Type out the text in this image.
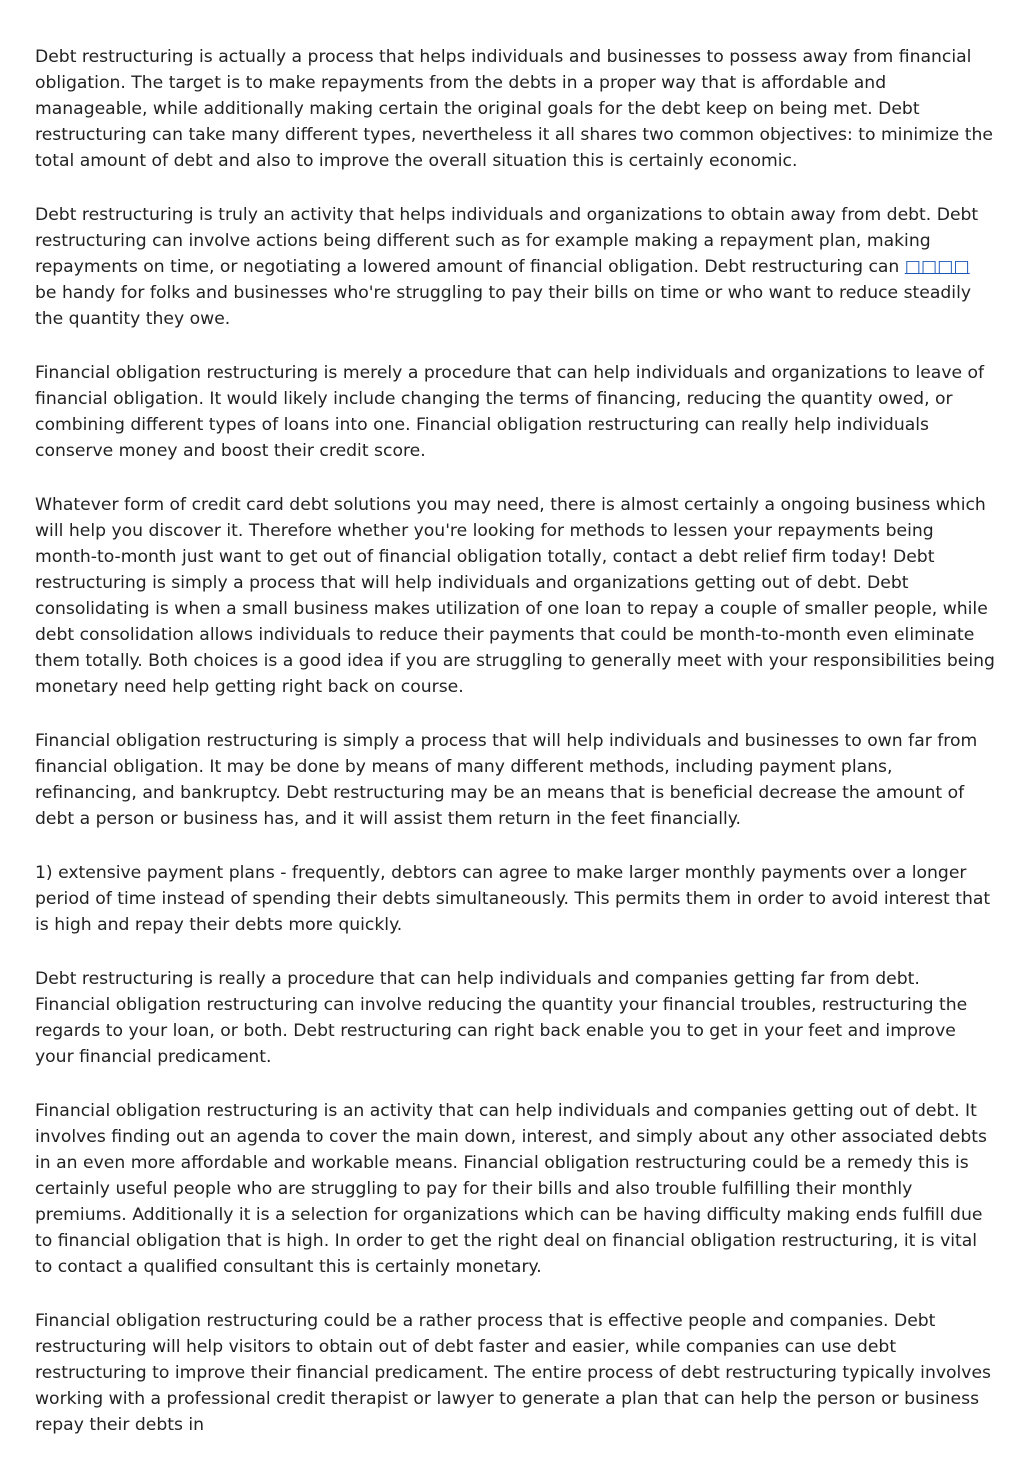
Debt restructuring is actually a process that helps individuals and businesses to possess away from financial obligation. The target is to make repayments from the debts in a proper way that is affordable and manageable, while additionally making certain the original goals for the debt keep on being met. Debt restructuring can take many different types, nevertheless it all shares two common objectives: to minimize the total amount of debt and also to improve the overall situation this is certainly economic.

Debt restructuring is truly an activity that helps individuals and organizations to obtain away from debt. Debt restructuring can involve actions being different such as for example making a repayment plan, making repayments on time, or negotiating a lowered amount of financial obligation. Debt restructuring can □□□□ be handy for folks and businesses who're struggling to pay their bills on time or who want to reduce steadily the quantity they owe.

Financial obligation restructuring is merely a procedure that can help individuals and organizations to leave of financial obligation. It would likely include changing the terms of financing, reducing the quantity owed, or combining different types of loans into one. Financial obligation restructuring can really help individuals conserve money and boost their credit score.

Whatever form of credit card debt solutions you may need, there is almost certainly a ongoing business which will help you discover it. Therefore whether you're looking for methods to lessen your repayments being month-to-month just want to get out of financial obligation totally, contact a debt relief firm today! Debt restructuring is simply a process that will help individuals and organizations getting out of debt. Debt consolidating is when a small business makes utilization of one loan to repay a couple of smaller people, while debt consolidation allows individuals to reduce their payments that could be month-to-month even eliminate them totally. Both choices is a good idea if you are struggling to generally meet with your responsibilities being monetary need help getting right back on course.

Financial obligation restructuring is simply a process that will help individuals and businesses to own far from financial obligation. It may be done by means of many different methods, including payment plans, refinancing, and bankruptcy. Debt restructuring may be an means that is beneficial decrease the amount of debt a person or business has, and it will assist them return in the feet financially.

1) extensive payment plans - frequently, debtors can agree to make larger monthly payments over a longer period of time instead of spending their debts simultaneously. This permits them in order to avoid interest that is high and repay their debts more quickly.

Debt restructuring is really a procedure that can help individuals and companies getting far from debt. Financial obligation restructuring can involve reducing the quantity your financial troubles, restructuring the regards to your loan, or both. Debt restructuring can right back enable you to get in your feet and improve your financial predicament.

Financial obligation restructuring is an activity that can help individuals and companies getting out of debt. It involves finding out an agenda to cover the main down, interest, and simply about any other associated debts in an even more affordable and workable means. Financial obligation restructuring could be a remedy this is certainly useful people who are struggling to pay for their bills and also trouble fulfilling their monthly premiums. Additionally it is a selection for organizations which can be having difficulty making ends fulfill due to financial obligation that is high. In order to get the right deal on financial obligation restructuring, it is vital to contact a qualified consultant this is certainly monetary.

Financial obligation restructuring could be a rather process that is effective people and companies. Debt restructuring will help visitors to obtain out of debt faster and easier, while companies can use debt restructuring to improve their financial predicament. The entire process of debt restructuring typically involves working with a professional credit therapist or lawyer to generate a plan that can help the person or business repay their debts in
